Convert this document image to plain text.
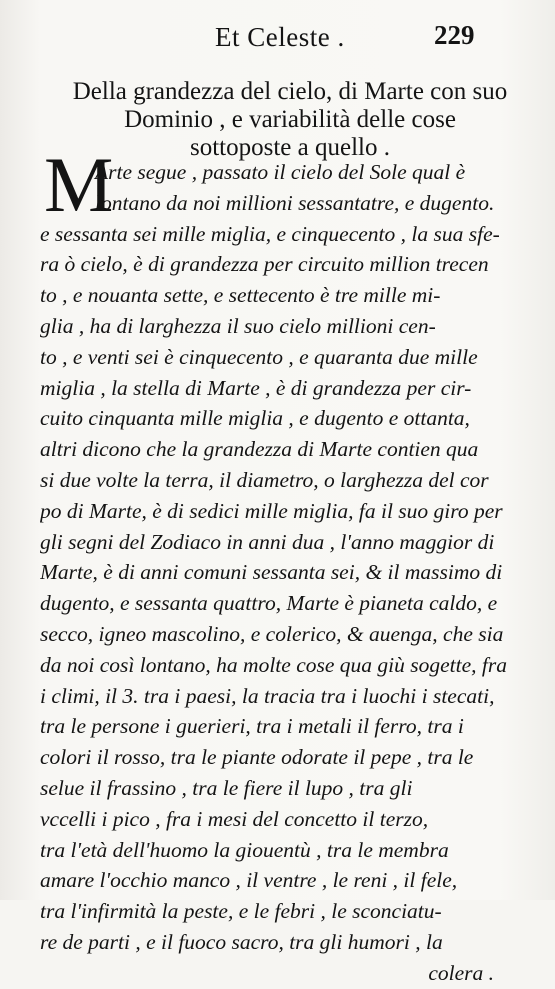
Et Celeste .	229
Della grandezza del cielo, di Marte con suo
Dominio , e variabilità delle cose
sottoposte a quello .
M
Arte segue , passato il cielo del Sole qual è
lontano da noi millioni sessantatre, e dugento.
e sessanta sei mille miglia, e cinquecento , la sua sfe-
ra ò cielo, è di grandezza per circuito million trecen
to , e nouanta sette, e settecento è tre mille mi-
glia , ha di larghezza il suo cielo millioni cen-
to , e venti sei è cinquecento , e quaranta due mille
miglia , la stella di Marte , è di grandezza per cir-
cuito cinquanta mille miglia , e dugento e ottanta,
altri dicono che la grandezza di Marte contien qua
si due volte la terra, il diametro, o larghezza del cor
po di Marte, è di sedici mille miglia, fa il suo giro per
gli segni del Zodiaco in anni dua , l'anno maggior di
Marte, è di anni comuni sessanta sei, & il massimo di
dugento, e sessanta quattro, Marte è pianeta caldo, e
secco, igneo mascolino, e colerico, & auenga, che sia
da noi così lontano, ha molte cose qua giù sogette, fra
i climi, il 3. tra i paesi, la tracia tra i luochi i stecati,
tra le persone i guerieri, tra i metali il ferro, tra i
colori il rosso, tra le piante odorate il pepe , tra le
selue il frassino , tra le fiere il lupo , tra gli
vccelli i pico , fra i mesi del concetto il terzo,
tra l'età dell'huomo la giouentù , tra le membra
amare l'occhio manco , il ventre , le reni , il fele,
tra l'infirmità la peste, e le febri , le sconciatu-
re de parti , e il fuoco sacro, tra gli humori , la
colera .
